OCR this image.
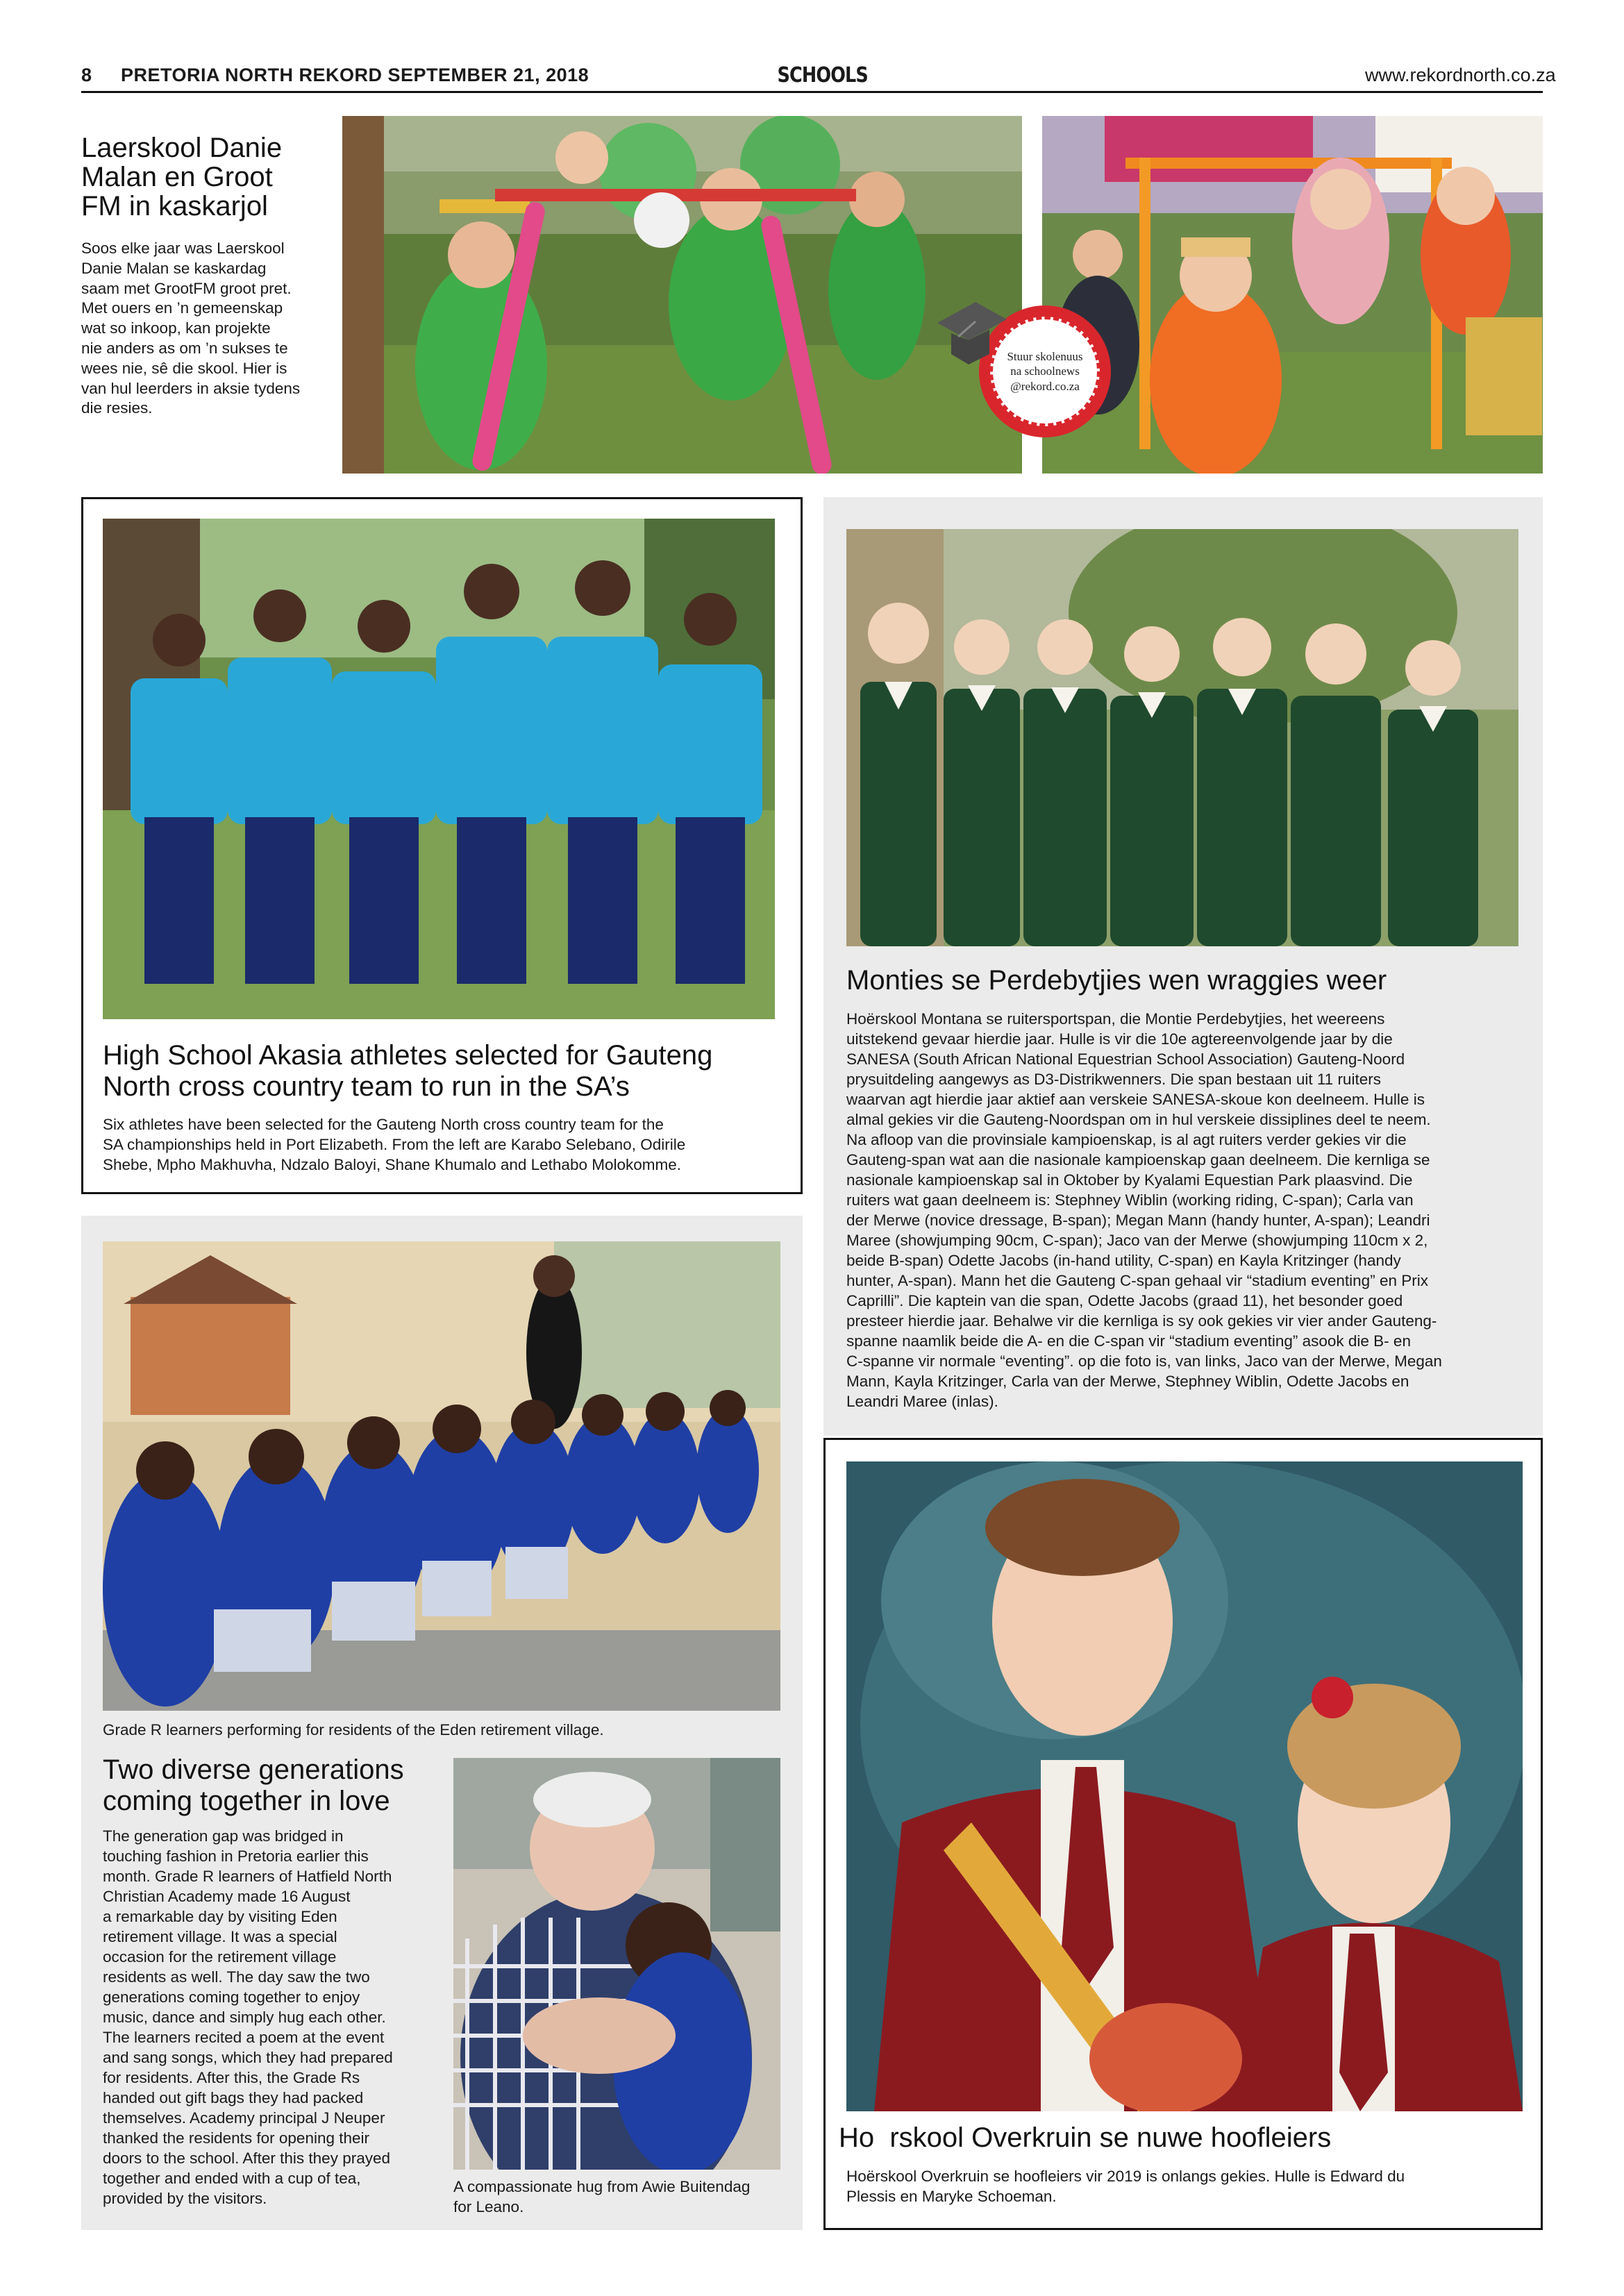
8 PRETORIA NORTH REKORD SEPTEMBER 21, 2018	SCHOOLS	www.rekordnorth.co.za
Laerskool Danie
Malan en Groot
FM in kaskarjol
Soos elke jaar was Laerskool
Danie Malan se kaskardag
saam met GrootFM groot pret.
Met ouers en ’n gemeenskap
wat so inkoop, kan projekte
nie anders as om ’n sukses te
wees nie, sê die skool. Hier is
van hul leerders in aksie tydens
die resies.
Stuur skolenuus
na schoolnews
@rekord.co.za
High School Akasia athletes selected for Gauteng
North cross country team to run in the SA’s
Six athletes have been selected for the Gauteng North cross country team for the
SA championships held in Port Elizabeth. From the left are Karabo Selebano, Odirile
Shebe, Mpho Makhuvha, Ndzalo Baloyi, Shane Khumalo and Lethabo Molokomme.
Monties se Perdebytjies wen wraggies weer
Hoërskool Montana se ruitersportspan, die Montie Perdebytjies, het weereens
uitstekend gevaar hierdie jaar. Hulle is vir die 10e agtereenvolgende jaar by die
SANESA (South African National Equestrian School Association) Gauteng-Noord
prysuitdeling aangewys as D3-Distrikwenners. Die span bestaan uit 11 ruiters
waarvan agt hierdie jaar aktief aan verskeie SANESA-skoue kon deelneem. Hulle is
almal gekies vir die Gauteng-Noordspan om in hul verskeie dissiplines deel te neem.
Na afloop van die provinsiale kampioenskap, is al agt ruiters verder gekies vir die
Gauteng-span wat aan die nasionale kampioenskap gaan deelneem. Die kernliga se
nasionale kampioenskap sal in Oktober by Kyalami Equestian Park plaasvind. Die
ruiters wat gaan deelneem is: Stephney Wiblin (working riding, C-span); Carla van
der Merwe (novice dressage, B-span); Megan Mann (handy hunter, A-span); Leandri
Maree (showjumping 90cm, C-span); Jaco van der Merwe (showjumping 110cm x 2,
beide B-span) Odette Jacobs (in-hand utility, C-span) en Kayla Kritzinger (handy
hunter, A-span). Mann het die Gauteng C-span gehaal vir “stadium eventing” en Prix
Caprilli”. Die kaptein van die span, Odette Jacobs (graad 11), het besonder goed
presteer hierdie jaar. Behalwe vir die kernliga is sy ook gekies vir vier ander Gauteng-
spanne naamlik beide die A- en die C-span vir “stadium eventing” asook die B- en
C-spanne vir normale “eventing”. op die foto is, van links, Jaco van der Merwe, Megan
Mann, Kayla Kritzinger, Carla van der Merwe, Stephney Wiblin, Odette Jacobs en
Leandri Maree (inlas).
Grade R learners performing for residents of the Eden retirement village.
Two diverse generations
coming together in love
The generation gap was bridged in
touching fashion in Pretoria earlier this
month. Grade R learners of Hatfield North
Christian Academy made 16 August
a remarkable day by visiting Eden
retirement village. It was a special
occasion for the retirement village
residents as well. The day saw the two
generations coming together to enjoy
music, dance and simply hug each other.
The learners recited a poem at the event
and sang songs, which they had prepared
for residents. After this, the Grade Rs
handed out gift bags they had packed
themselves. Academy principal J Neuper
thanked the residents for opening their
doors to the school. After this they prayed
together and ended with a cup of tea,
provided by the visitors.
A compassionate hug from Awie Buitendag
for Leano.
Ho  rskool Overkruin se nuwe hoofleiers
Hoërskool Overkruin se hoofleiers vir 2019 is onlangs gekies. Hulle is Edward du
Plessis en Maryke Schoeman.
